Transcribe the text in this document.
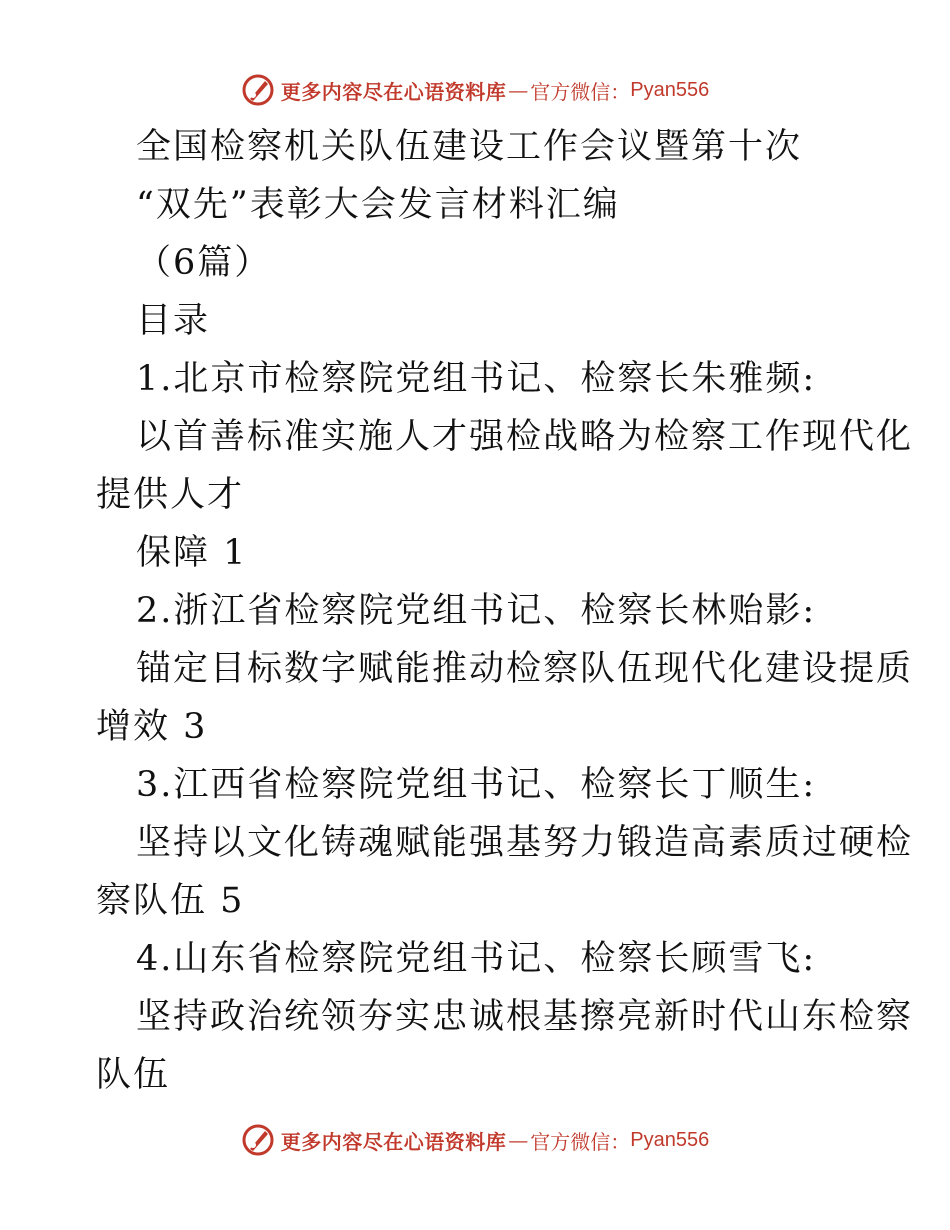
更多内容尽在心语资料库 — 官方微信： Pyan556
全国检察机关队伍建设工作会议暨第十次
“双先”表彰大会发言材料汇编
（6篇）
目录
1.北京市检察院党组书记、检察长朱雅频:
以首善标准实施人才强检战略为检察工作现代化
提供人才
保障 1
2.浙江省检察院党组书记、检察长林贻影:
锚定目标数字赋能推动检察队伍现代化建设提质
增效 3
3.江西省检察院党组书记、检察长丁顺生:
坚持以文化铸魂赋能强基努力锻造高素质过硬检
察队伍 5
4.山东省检察院党组书记、检察长顾雪飞:
坚持政治统领夯实忠诚根基擦亮新时代山东检察
队伍
更多内容尽在心语资料库 — 官方微信： Pyan556
